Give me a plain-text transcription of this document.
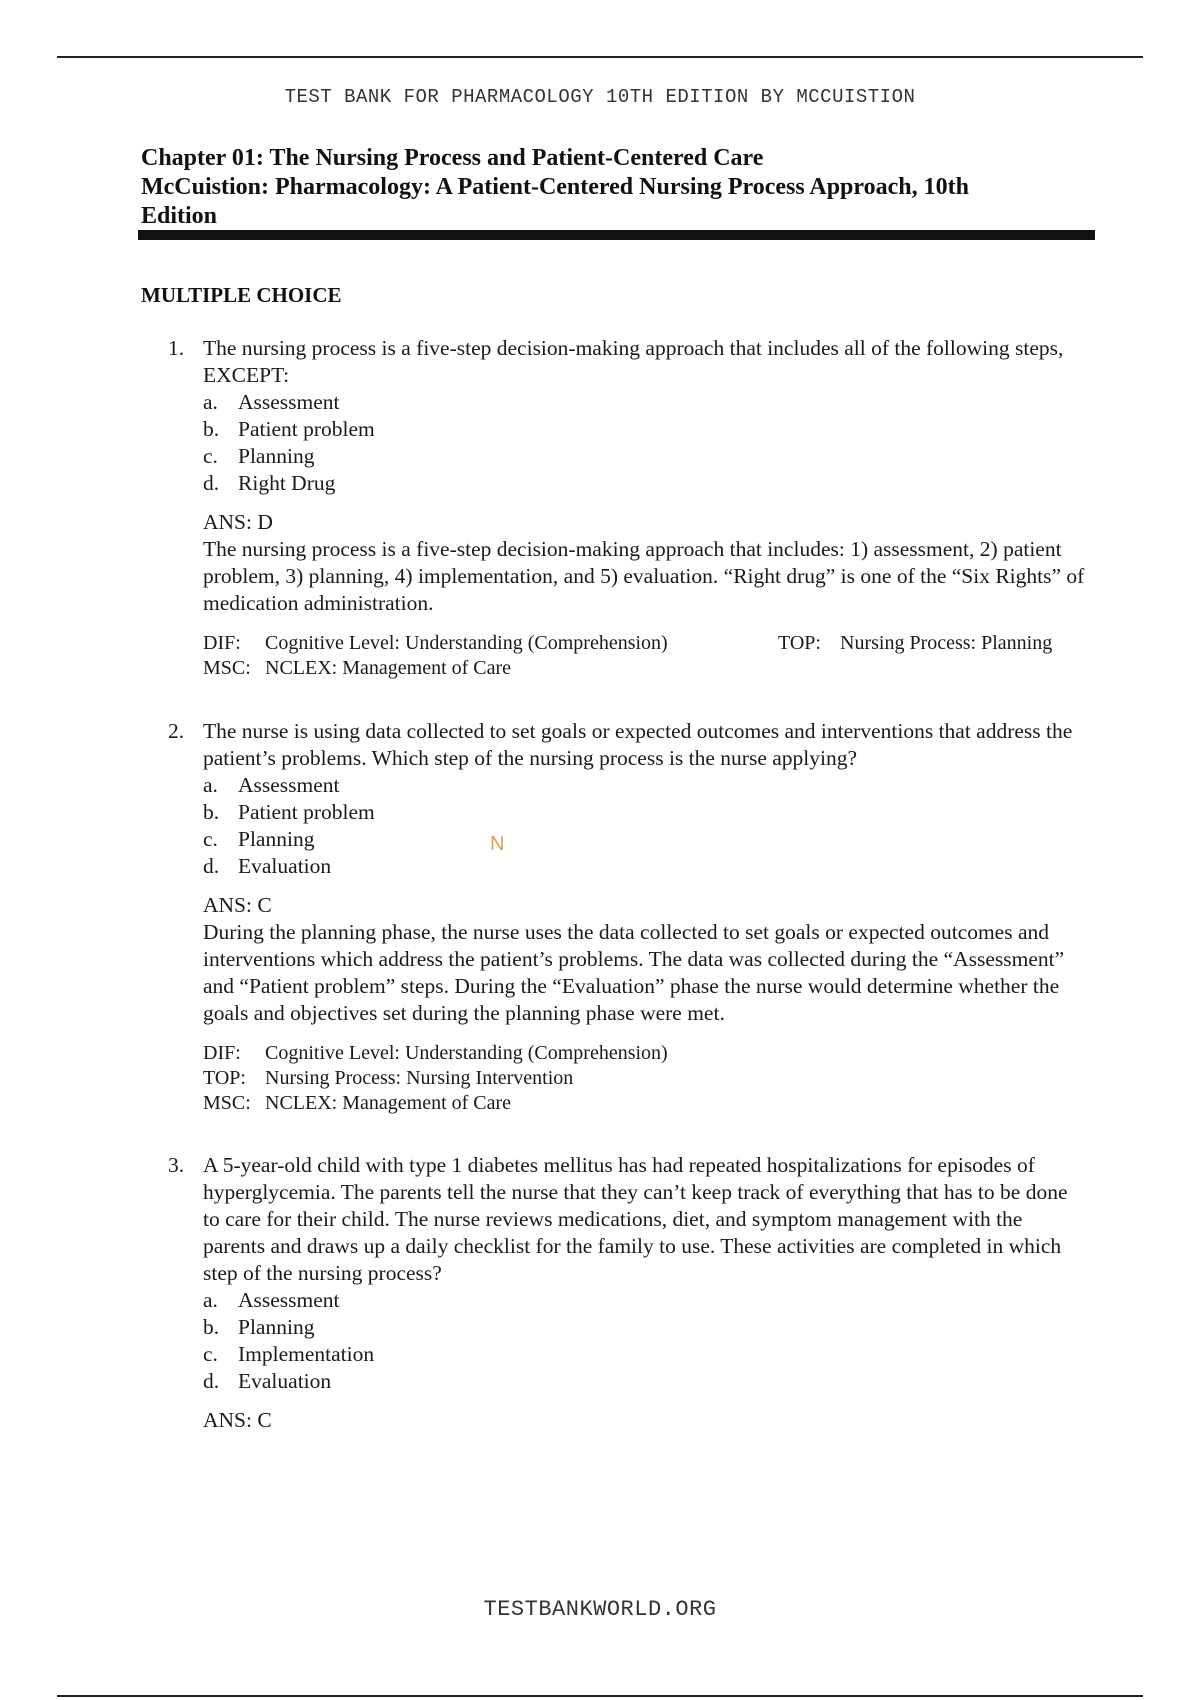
TEST BANK FOR PHARMACOLOGY 10TH EDITION BY MCCUISTION
Chapter 01: The Nursing Process and Patient-Centered Care
McCuistion: Pharmacology: A Patient-Centered Nursing Process Approach, 10th
Edition
MULTIPLE CHOICE
1. The nursing process is a five-step decision-making approach that includes all of the following steps, EXCEPT:
a. Assessment
b. Patient problem
c. Planning
d. Right Drug
ANS: D
The nursing process is a five-step decision-making approach that includes: 1) assessment, 2) patient problem, 3) planning, 4) implementation, and 5) evaluation. “Right drug” is one of the “Six Rights” of medication administration.
DIF: Cognitive Level: Understanding (Comprehension)	TOP: Nursing Process: Planning
MSC: NCLEX: Management of Care
2. The nurse is using data collected to set goals or expected outcomes and interventions that address the patient’s problems. Which step of the nursing process is the nurse applying?
a. Assessment
b. Patient problem
c. Planning
d. Evaluation
ANS: C
During the planning phase, the nurse uses the data collected to set goals or expected outcomes and interventions which address the patient’s problems. The data was collected during the “Assessment” and “Patient problem” steps. During the “Evaluation” phase the nurse would determine whether the goals and objectives set during the planning phase were met.
DIF: Cognitive Level: Understanding (Comprehension)
TOP: Nursing Process: Nursing Intervention
MSC: NCLEX: Management of Care
3. A 5-year-old child with type 1 diabetes mellitus has had repeated hospitalizations for episodes of hyperglycemia. The parents tell the nurse that they can’t keep track of everything that has to be done to care for their child. The nurse reviews medications, diet, and symptom management with the parents and draws up a daily checklist for the family to use. These activities are completed in which step of the nursing process?
a. Assessment
b. Planning
c. Implementation
d. Evaluation
ANS: C
N
TESTBANKWORLD.ORG
